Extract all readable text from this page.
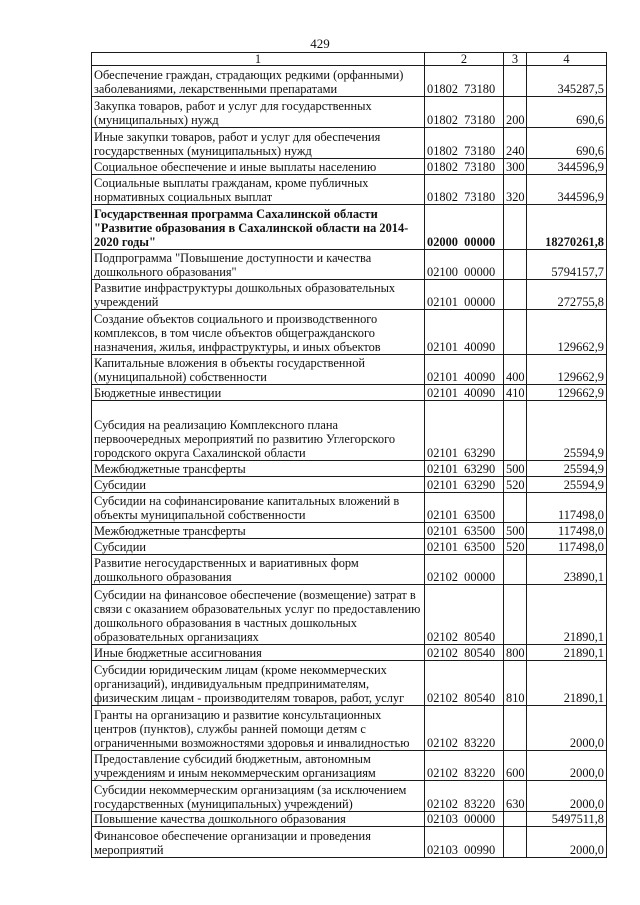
429
1	2	3	4
Обеспечение граждан, страдающих редкими (орфанными) заболеваниями, лекарственными препаратами	01802  73180		345287,5
Закупка товаров, работ и услуг для государственных (муниципальных) нужд	01802  73180	200	690,6
Иные закупки товаров, работ и услуг для обеспечения государственных (муниципальных) нужд	01802  73180	240	690,6
Социальное обеспечение и иные выплаты населению	01802  73180	300	344596,9
Социальные выплаты гражданам, кроме публичных нормативных социальных выплат	01802  73180	320	344596,9
Государственная программа Сахалинской области "Развитие образования в Сахалинской области на 2014-2020 годы"	02000  00000		18270261,8
Подпрограмма "Повышение доступности и качества дошкольного образования"	02100  00000		5794157,7
Развитие инфраструктуры дошкольных образовательных учреждений	02101  00000		272755,8
Создание объектов социального и производственного комплексов, в том числе объектов общегражданского назначения, жилья, инфраструктуры, и иных объектов	02101  40090		129662,9
Капитальные вложения в объекты государственной (муниципальной) собственности	02101  40090	400	129662,9
Бюджетные инвестиции	02101  40090	410	129662,9
Субсидия на реализацию Комплексного плана первоочередных мероприятий по развитию Углегорского городского округа Сахалинской области	02101  63290		25594,9
Межбюджетные трансферты	02101  63290	500	25594,9
Субсидии	02101  63290	520	25594,9
Субсидии на софинансирование капитальных вложений в объекты муниципальной собственности	02101  63500		117498,0
Межбюджетные трансферты	02101  63500	500	117498,0
Субсидии	02101  63500	520	117498,0
Развитие негосударственных и вариативных форм дошкольного образования	02102  00000		23890,1
Субсидии на финансовое обеспечение (возмещение) затрат в связи с оказанием образовательных услуг по предоставлению дошкольного образования в частных дошкольных образовательных организациях	02102  80540		21890,1
Иные бюджетные ассигнования	02102  80540	800	21890,1
Субсидии юридическим лицам (кроме некоммерческих организаций), индивидуальным предпринимателям, физическим лицам - производителям товаров, работ, услуг	02102  80540	810	21890,1
Гранты на организацию и развитие консультационных центров (пунктов), службы ранней помощи детям с ограниченными возможностями здоровья и инвалидностью	02102  83220		2000,0
Предоставление субсидий бюджетным, автономным учреждениям и иным некоммерческим организациям	02102  83220	600	2000,0
Субсидии некоммерческим организациям (за исключением государственных (муниципальных) учреждений)	02102  83220	630	2000,0
Повышение качества дошкольного образования	02103  00000		5497511,8
Финансовое обеспечение организации и проведения мероприятий	02103  00990		2000,0
